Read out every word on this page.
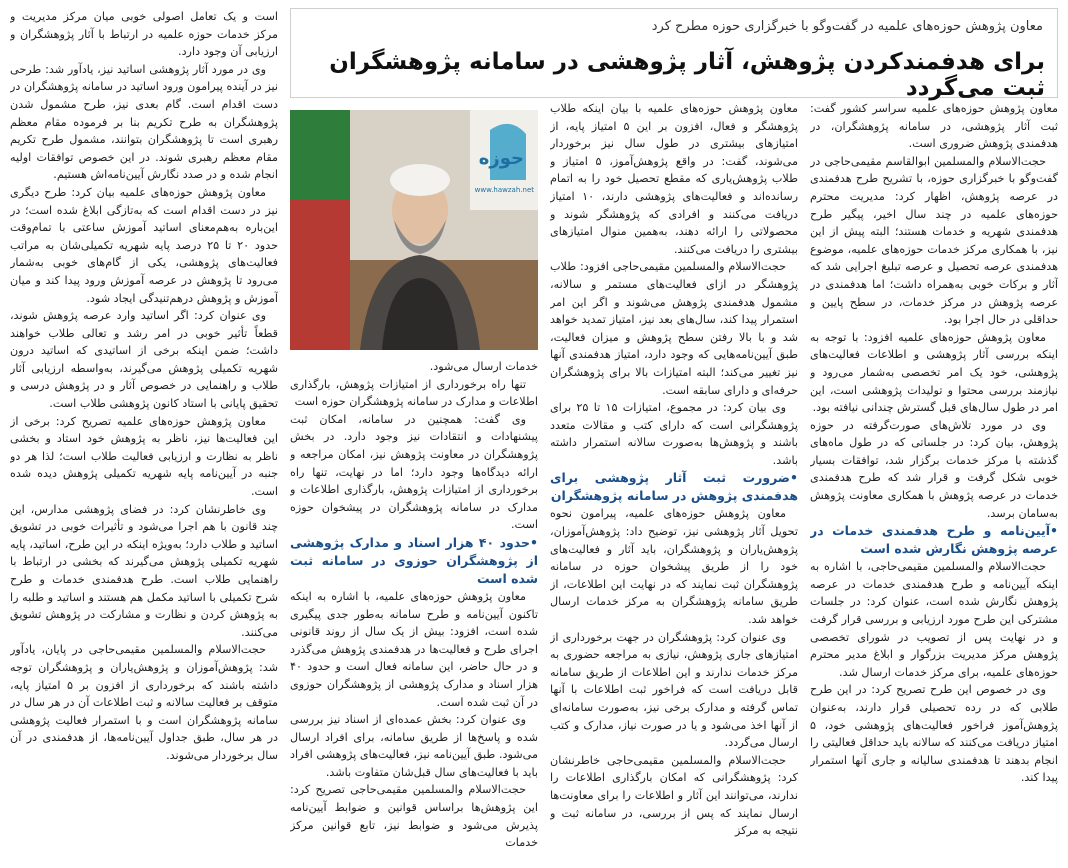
معاون پژوهش حوزه‌های علمیه در گفت‌وگو با خبرگزاری حوزه مطرح کرد
برای هدفمندکردن پژوهش، آثار پژوهشی در سامانه پژوهشگران ثبت می‌گردد
حوزه
www.hawzah.net

معاون پژوهش حوزه‌های علمیه سراسر کشور گفت: ثبت آثار پژوهشی، در سامانه پژوهشگران، در هدفمندی پژوهش ضروری است.

حجت‌الاسلام والمسلمین ابوالقاسم مقیمی‌حاجی در گفت‌وگو با خبرگزاری حوزه، با تشریح طرح هدفمندی در عرصه پژوهش، اظهار کرد: مدیریت محترم حوزه‌های علمیه در چند سال اخیر، پیگیر طرح هدفمندی شهریه و خدمات هستند؛ البته پیش از این نیز، با همکاری مرکز خدمات حوزه‌های علمیه، موضوع هدفمندی عرصه تحصیل و عرصه تبلیغ اجرایی شد که آثار و برکات خوبی به‌همراه داشت؛ اما هدفمندی در عرصه پژوهش در مرکز خدمات، در سطح پایین و حداقلی در حال اجرا بود.

معاون پژوهش حوزه‌های علمیه افزود: با توجه به اینکه بررسی آثار پژوهشی و اطلاعات فعالیت‌های پژوهشی، خود یک امر تخصصی به‌شمار می‌رود و نیازمند بررسی محتوا و تولیدات پژوهشی است، این امر در طول سال‌های قبل گسترش چندانی نیافته بود.

وی در مورد تلاش‌های صورت‌گرفته در حوزه پژوهش، بیان کرد: در جلساتی که در طول ماه‌های گذشته با مرکز خدمات برگزار شد، توافقات بسیار خوبی شکل گرفت و قرار شد که طرح هدفمندی خدمات در عرصه پژوهش با همکاری معاونت پژوهش به‌سامان برسد.

• آیین‌نامه و طرح هدفمندی خدمات در عرصه پژوهش نگارش شده است

حجت‌الاسلام والمسلمین مقیمی‌حاجی، با اشاره به اینکه آیین‌نامه و طرح هدفمندی خدمات در عرصه پژوهش نگارش شده است، عنوان کرد: در جلسات مشترکی این طرح مورد ارزیابی و بررسی قرار گرفت و در نهایت پس از تصویب در شورای تخصصی پژوهش مرکز مدیریت بزرگوار و ابلاغ مدیر محترم حوزه‌های علمیه، برای مرکز خدمات ارسال شد.

وی در خصوص این طرح تصریح کرد: در این طرح طلابی که در رده تحصیلی قرار دارند، به‌عنوان پژوهش‌آموز فراخور فعالیت‌های پژوهشی خود، ۵ امتیاز دریافت می‌کنند که سالانه باید حداقل فعالیتی را انجام بدهند تا هدفمندی سالیانه و جاری آنها استمرار پیدا کند.

معاون پژوهش حوزه‌های علمیه با بیان اینکه طلاب پژوهشگر و فعال، افزون بر این ۵ امتیاز پایه، از امتیازهای بیشتری در طول سال نیز برخوردار می‌شوند، گفت: در واقع پژوهش‌آموز، ۵ امتیاز و طلاب پژوهش‌یاری که مقطع تحصیل خود را به اتمام رسانده‌اند و فعالیت‌های پژوهشی دارند، ۱۰ امتیاز دریافت می‌کنند و افرادی که پژوهشگر شوند و محصولاتی را ارائه دهند، به‌همین منوال امتیازهای بیشتری را دریافت می‌کنند.

حجت‌الاسلام والمسلمین مقیمی‌حاجی افزود: طلاب پژوهشگر در ازای فعالیت‌های مستمر و سالانه، مشمول هدفمندی پژوهش می‌شوند و اگر این امر استمرار پیدا کند، سال‌های بعد نیز، امتیاز تمدید خواهد شد و با بالا رفتن سطح پژوهش و میزان فعالیت، طبق آیین‌نامه‌هایی که وجود دارد، امتیاز هدفمندی آنها نیز تغییر می‌کند؛ البته امتیازات بالا برای پژوهشگران حرفه‌ای و دارای سابقه است.

وی بیان کرد: در مجموع، امتیازات ۱۵ تا ۲۵ برای پژوهشگرانی است که دارای کتب و مقالات متعدد باشند و پژوهش‌ها به‌صورت سالانه استمرار داشته باشد.

• ضرورت ثبت آثار پژوهشی برای هدفمندی پژوهش در سامانه پژوهشگران

معاون پژوهش حوزه‌های علمیه، پیرامون نحوه تحویل آثار پژوهشی نیز، توضیح داد: پژوهش‌آموزان، پژوهش‌یاران و پژوهشگران، باید آثار و فعالیت‌های خود را از طریق پیشخوان حوزه در سامانه پژوهشگران ثبت نمایند که در نهایت این اطلاعات، از طریق سامانه پژوهشگران به مرکز خدمات ارسال خواهد شد.

وی عنوان کرد: پژوهشگران در جهت برخورداری از امتیازهای جاری پژوهش، نیازی به مراجعه حضوری به مرکز خدمات ندارند و این اطلاعات از طریق سامانه قابل دریافت است که فراخور ثبت اطلاعات با آنها تماس گرفته و مدارک برخی نیز، به‌صورت سامانه‌ای از آنها اخذ می‌شود و یا در صورت نیاز، مدارک و کتب ارسال می‌گردد.

حجت‌الاسلام والمسلمین مقیمی‌حاجی خاطرنشان کرد: پژوهشگرانی که امکان بارگذاری اطلاعات را ندارند، می‌توانند این آثار و اطلاعات را برای معاونت‌ها ارسال نمایند که پس از بررسی، در سامانه ثبت و نتیجه به مرکز

خدمات ارسال می‌شود.

تنها راه برخورداری از امتیازات پژوهش، بارگذاری اطلاعات و مدارک در سامانه پژوهشگران حوزه است

وی گفت: همچنین در سامانه، امکان ثبت پیشنهادات و انتقادات نیز وجود دارد. در بخش پژوهشگران در معاونت پژوهش نیز، امکان مراجعه و ارائه دیدگاه‌ها وجود دارد؛ اما در نهایت، تنها راه برخورداری از امتیازات پژوهش، بارگذاری اطلاعات و مدارک در سامانه پژوهشگران در پیشخوان حوزه است.

• حدود ۴۰ هزار اسناد و مدارک پژوهشی از پژوهشگران حوزوی در سامانه ثبت شده است

معاون پژوهش حوزه‌های علمیه، با اشاره به اینکه تاکنون آیین‌نامه و طرح سامانه به‌طور جدی پیگیری شده است، افزود: بیش از یک سال از روند قانونی اجرای طرح و فعالیت‌ها در هدفمندی پژوهش می‌گذرد و در حال حاضر، این سامانه فعال است و حدود ۴۰ هزار اسناد و مدارک پژوهشی از پژوهشگران حوزوی در آن ثبت شده است.

وی عنوان کرد: بخش عمده‌ای از اسناد نیز بررسی شده و پاسخ‌ها از طریق سامانه، برای افراد ارسال می‌شود. طبق آیین‌نامه نیز، فعالیت‌های پژوهشی افراد باید با فعالیت‌های سال قبل‌شان متفاوت باشد.

حجت‌الاسلام والمسلمین مقیمی‌حاجی تصریح کرد: این پژوهش‌ها براساس قوانین و ضوابط آیین‌نامه پذیرش می‌شود و ضوابط نیز، تابع قوانین مرکز خدمات

است و یک تعامل اصولی خوبی میان مرکز مدیریت و مرکز خدمات حوزه علمیه در ارتباط با آثار پژوهشگران و ارزیابی آن وجود دارد.

وی در مورد آثار پژوهشی اساتید نیز، یادآور شد: طرحی نیز در آینده پیرامون ورود اساتید در سامانه پژوهشگران در دست اقدام است. گام بعدی نیز، طرح مشمول شدن پژوهشگران به طرح تکریم بنا بر فرموده مقام معظم رهبری است تا پژوهشگران بتوانند، مشمول طرح تکریم مقام معظم رهبری شوند. در این خصوص توافقات اولیه انجام شده و در صدد نگارش آیین‌نامه‌اش هستیم.

معاون پژوهش حوزه‌های علمیه بیان کرد: طرح دیگری نیز در دست اقدام است که به‌تازگی ابلاغ شده است؛ در این‌باره به‌هم‌معنای اساتید آموزش ساعتی با تمام‌وقت حدود ۲۰ تا ۲۵ درصد پایه شهریه تکمیلی‌شان به مراتب فعالیت‌های پژوهشی، یکی از گام‌های خوبی به‌شمار می‌رود تا پژوهش در عرصه آموزش ورود پیدا کند و میان آموزش و پژوهش درهم‌تنیدگی ایجاد شود.

وی عنوان کرد: اگر اساتید وارد عرصه پژوهش شوند، قطعاً تأثیر خوبی در امر رشد و تعالی طلاب خواهند داشت؛ ضمن اینکه برخی از اساتیدی که اساتید درون شهریه تکمیلی پژوهش می‌گیرند، به‌واسطه ارزیابی آثار طلاب و راهنمایی در خصوص آثار و در پژوهش درسی و تحقیق پایانی با استاد کانون پژوهشی طلاب است.

معاون پژوهش حوزه‌های علمیه تصریح کرد: برخی از این فعالیت‌ها نیز، ناظر به پژوهش خود استاد و بخشی ناظر به نظارت و ارزیابی فعالیت طلاب است؛ لذا هر دو جنبه در آیین‌نامه پایه شهریه تکمیلی پژوهش دیده شده است.

وی خاطرنشان کرد: در فضای پژوهشی مدارس، این چند قانون با هم اجرا می‌شود و تأثیرات خوبی در تشویق اساتید و طلاب دارد؛ به‌ویژه اینکه در این طرح، اساتید، پایه شهریه تکمیلی پژوهش می‌گیرند که بخشی در ارتباط با راهنمایی طلاب است. طرح هدفمندی خدمات و طرح شرح تکمیلی با اساتید مکمل هم هستند و اساتید و طلبه را به پژوهش کردن و نظارت و مشارکت در پژوهش تشویق می‌کنند.

حجت‌الاسلام والمسلمین مقیمی‌حاجی در پایان، یادآور شد: پژوهش‌آموزان و پژوهش‌یاران و پژوهشگران توجه داشته باشند که برخورداری از افزون بر ۵ امتیاز پایه، متوقف بر فعالیت سالانه و ثبت اطلاعات آن در هر سال در سامانه پژوهشگران است و با استمرار فعالیت پژوهشی در هر سال، طبق جداول آیین‌نامه‌ها، از هدفمندی در آن سال برخوردار می‌شوند.
